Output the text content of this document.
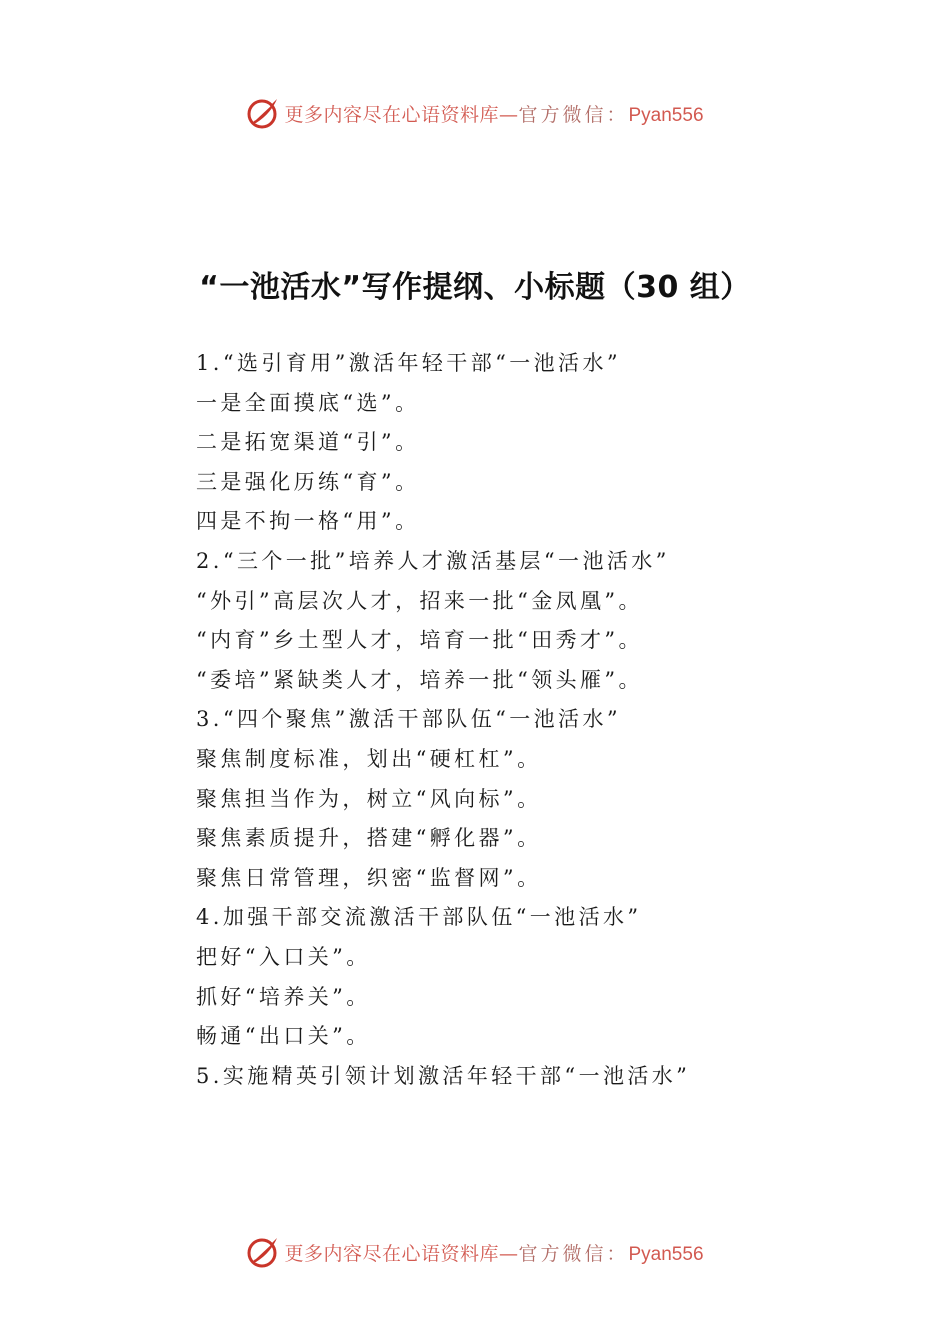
更多内容尽在心语资料库—官方微信：Pyan556
“一池活水”写作提纲、小标题（30 组）
1.“选引育用”激活年轻干部“一池活水”
一是全面摸底“选”。
二是拓宽渠道“引”。
三是强化历练“育”。
四是不拘一格“用”。
2.“三个一批”培养人才激活基层“一池活水”
“外引”高层次人才，招来一批“金凤凰”。
“内育”乡土型人才，培育一批“田秀才”。
“委培”紧缺类人才，培养一批“领头雁”。
3.“四个聚焦”激活干部队伍“一池活水”
聚焦制度标准，划出“硬杠杠”。
聚焦担当作为，树立“风向标”。
聚焦素质提升，搭建“孵化器”。
聚焦日常管理，织密“监督网”。
4.加强干部交流激活干部队伍“一池活水”
把好“入口关”。
抓好“培养关”。
畅通“出口关”。
5.实施精英引领计划激活年轻干部“一池活水”
更多内容尽在心语资料库—官方微信：Pyan556
